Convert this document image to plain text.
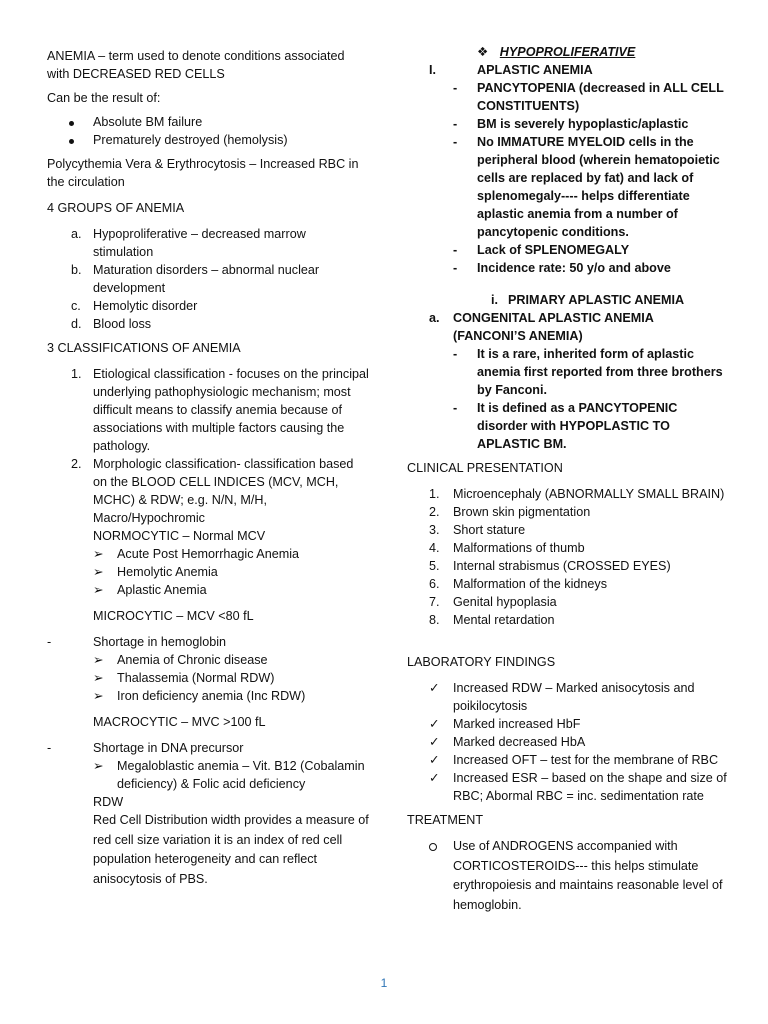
ANEMIA – term used to denote conditions associated with DECREASED RED CELLS

Can be the result of:

Absolute BM failure
Prematurely destroyed (hemolysis)

Polycythemia Vera & Erythrocytosis – Increased RBC in the circulation

4 GROUPS OF ANEMIA

a. Hypoproliferative – decreased marrow stimulation
b. Maturation disorders – abnormal nuclear development
c. Hemolytic disorder
d. Blood loss

3 CLASSIFICATIONS OF ANEMIA

1. Etiological classification - focuses on the principal underlying pathophysiologic mechanism; most difficult means to classify anemia because of associations with multiple factors causing the pathology.
2. Morphologic classification- classification based on the BLOOD CELL INDICES (MCV, MCH, MCHC) & RDW; e.g. N/N, M/H, Macro/Hypochromic
NORMOCYTIC – Normal MCV
➢ Acute Post Hemorrhagic Anemia
➢ Hemolytic Anemia
➢ Aplastic Anemia
MICROCYTIC – MCV <80 fL
-	Shortage in hemoglobin
➢ Anemia of Chronic disease
➢ Thalassemia (Normal RDW)
➢ Iron deficiency anemia (Inc RDW)
MACROCYTIC – MVC >100 fL
-	Shortage in DNA precursor
➢ Megaloblastic anemia – Vit. B12 (Cobalamin deficiency) & Folic acid deficiency
RDW
Red Cell Distribution width provides a measure of red cell size variation it is an index of red cell population heterogeneity and can reflect anisocytosis of PBS.
❖ HYPOPROLIFERATIVE
I.	APLASTIC ANEMIA
- PANCYTOPENIA (decreased in ALL CELL CONSTITUENTS)
- BM is severely hypoplastic/aplastic
- No IMMATURE MYELOID cells in the peripheral blood (wherein hematopoietic cells are replaced by fat) and lack of splenomegaly---- helps differentiate aplastic anemia from a number of pancytopenic conditions.
- Lack of SPLENOMEGALY
- Incidence rate: 50 y/o and above
i. PRIMARY APLASTIC ANEMIA
a. CONGENITAL APLASTIC ANEMIA (FANCONI’S ANEMIA)
- It is a rare, inherited form of aplastic anemia first reported from three brothers by Fanconi.
- It is defined as a PANCYTOPENIC disorder with HYPOPLASTIC TO APLASTIC BM.

CLINICAL PRESENTATION

1. Microencephaly (ABNORMALLY SMALL BRAIN)
2. Brown skin pigmentation
3. Short stature
4. Malformations of thumb
5. Internal strabismus (CROSSED EYES)
6. Malformation of the kidneys
7. Genital hypoplasia
8. Mental retardation

LABORATORY FINDINGS

✓ Increased RDW – Marked anisocytosis and poikilocytosis
✓ Marked increased HbF
✓ Marked decreased HbA
✓ Increased OFT – test for the membrane of RBC
✓ Increased ESR – based on the shape and size of RBC; Abormal RBC = inc. sedimentation rate

TREATMENT

Use of ANDROGENS accompanied with CORTICOSTEROIDS--- this helps stimulate erythropoiesis and maintains reasonable level of hemoglobin.
1
